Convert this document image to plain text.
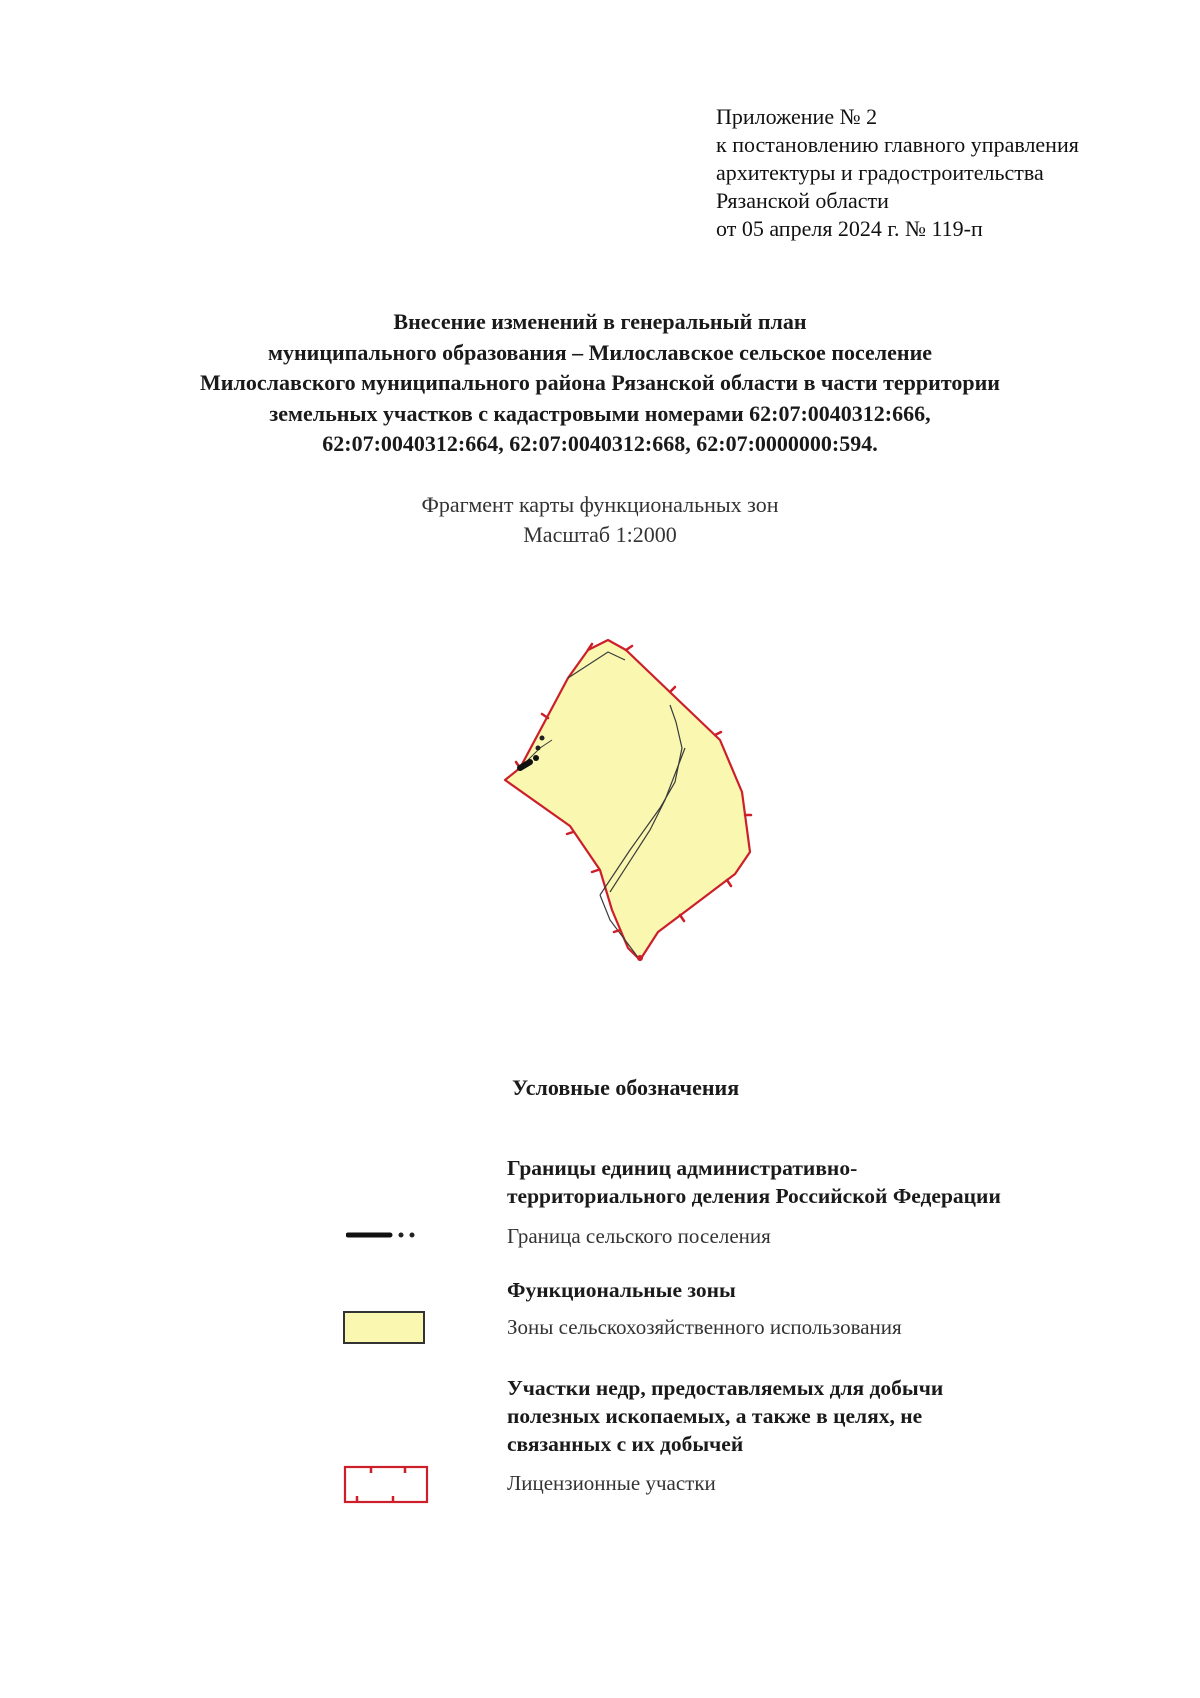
Приложение № 2
к постановлению главного управления
архитектуры и градостроительства
Рязанской области
от 05 апреля 2024 г. № 119-п
Внесение изменений в генеральный план
муниципального образования – Милославское сельское поселение
Милославского муниципального района Рязанской области в части территории
земельных участков с кадастровыми номерами 62:07:0040312:666,
62:07:0040312:664, 62:07:0040312:668, 62:07:0000000:594.
Фрагмент карты функциональных зон
Масштаб 1:2000
Условные обозначения
Границы единиц административно-
территориального деления Российской Федерации
Граница сельского поселения
Функциональные зоны
Зоны сельскохозяйственного использования
Участки недр, предоставляемых для добычи
полезных ископаемых, а также в целях, не
связанных с их добычей
Лицензионные участки
